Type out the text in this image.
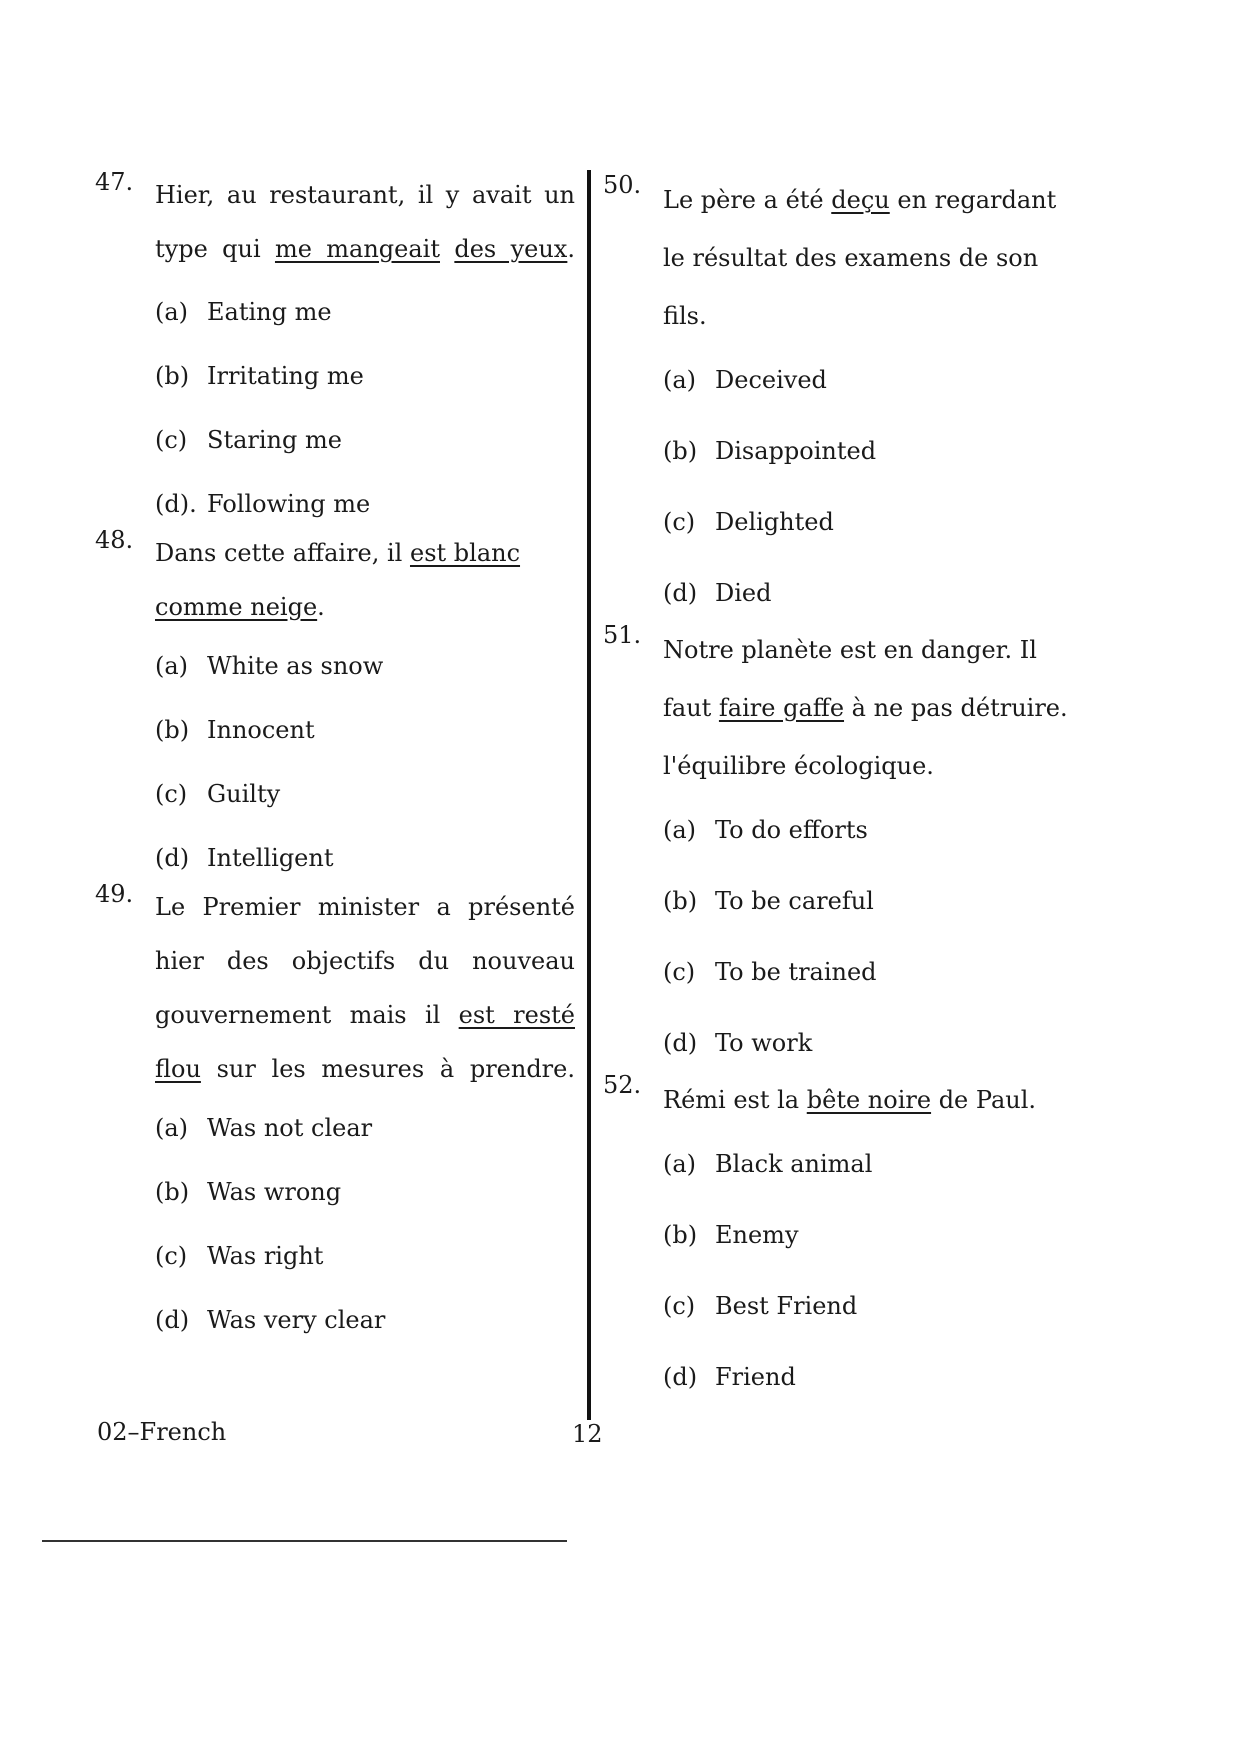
47. Hier, au restaurant, il y avait un type qui me mangeait des yeux.
(a) Eating me
(b) Irritating me
(c) Staring me
(d). Following me
48. Dans cette affaire, il est blanc comme neige.
(a) White as snow
(b) Innocent
(c) Guilty
(d) Intelligent
49. Le Premier minister a présenté hier des objectifs du nouveau gouvernement mais il est resté flou sur les mesures à prendre.
(a) Was not clear
(b) Was wrong
(c) Was right
(d) Was very clear
50.
Le père a été deçu en regardant le résultat des examens de son fils.
(a) Deceived
(b) Disappointed
(c) Delighted
(d) Died
51.
Notre planète est en danger. Il faut faire gaffe à ne pas détruire. l'équilibre écologique.
(a) To do efforts
(b) To be careful
(c) To be trained
(d) To work
52.
Rémi est la bête noire de Paul.
(a) Black animal
(b) Enemy
(c) Best Friend
(d) Friend
02–French	12
